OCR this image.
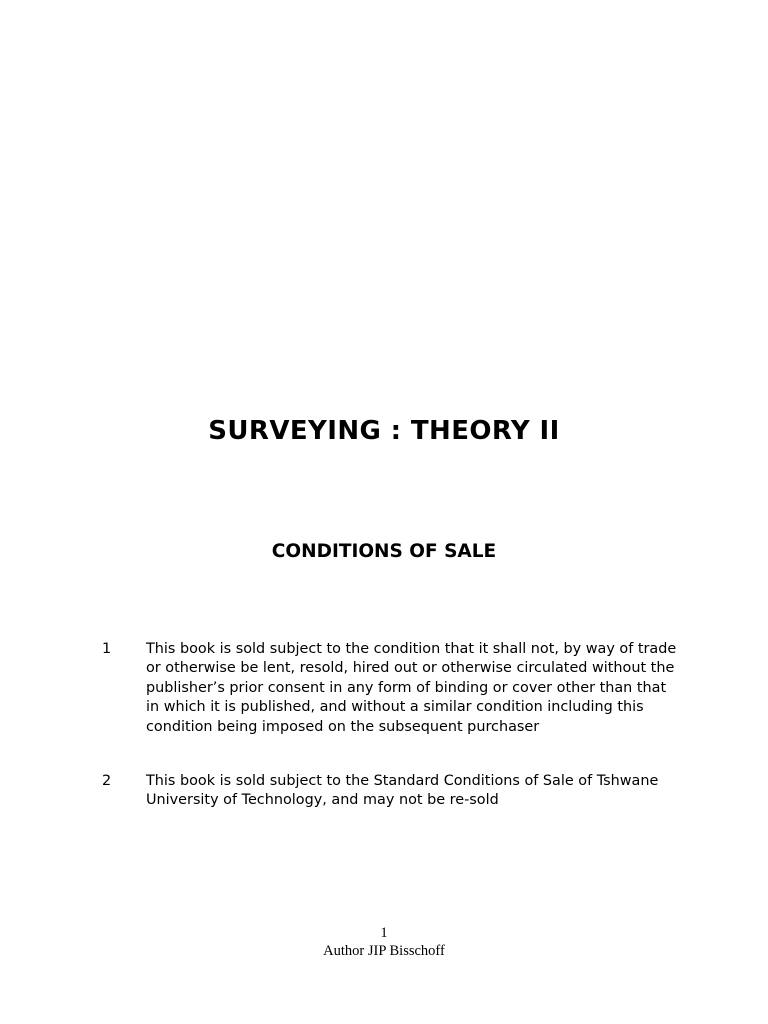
SURVEYING : THEORY II
CONDITIONS OF SALE
1 This book is sold subject to the condition that it shall not, by way of trade
or otherwise be lent, resold, hired out or otherwise circulated without the
publisher’s prior consent in any form of binding or cover other than that
in which it is published, and without a similar condition including this
condition being imposed on the subsequent purchaser
2 This book is sold subject to the Standard Conditions of Sale of Tshwane
University of Technology, and may not be re-sold
1
Author JIP Bisschoff
